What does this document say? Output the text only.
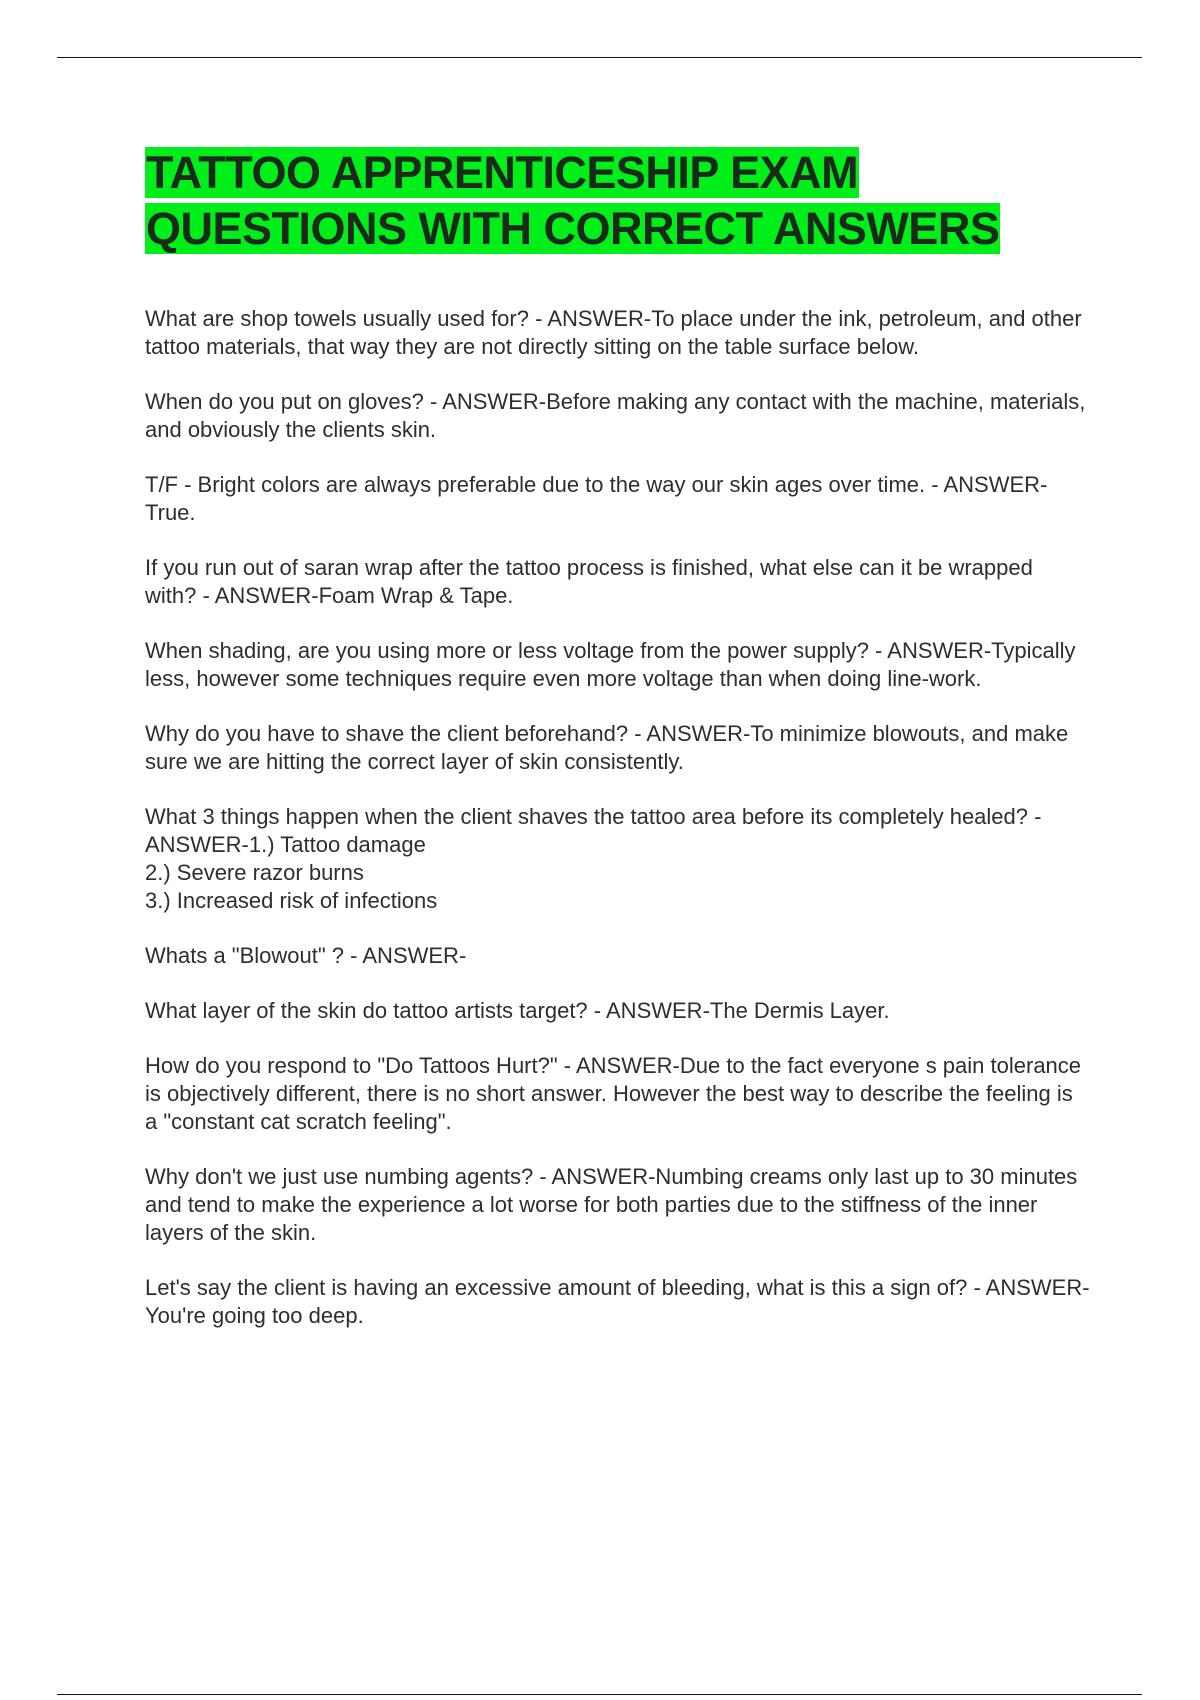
TATTOO APPRENTICESHIP EXAM
QUESTIONS WITH CORRECT ANSWERS

What are shop towels usually used for? - ANSWER-To place under the ink, petroleum, and other tattoo materials, that way they are not directly sitting on the table surface below.

When do you put on gloves? - ANSWER-Before making any contact with the machine, materials, and obviously the clients skin.

T/F - Bright colors are always preferable due to the way our skin ages over time. - ANSWER-True.

If you run out of saran wrap after the tattoo process is finished, what else can it be wrapped with? - ANSWER-Foam Wrap & Tape.

When shading, are you using more or less voltage from the power supply? - ANSWER-Typically less, however some techniques require even more voltage than when doing line-work.

Why do you have to shave the client beforehand? - ANSWER-To minimize blowouts, and make sure we are hitting the correct layer of skin consistently.

What 3 things happen when the client shaves the tattoo area before its completely healed? - ANSWER-1.) Tattoo damage
2.) Severe razor burns
3.) Increased risk of infections

Whats a "Blowout" ? - ANSWER-

What layer of the skin do tattoo artists target? - ANSWER-The Dermis Layer.

How do you respond to "Do Tattoos Hurt?" - ANSWER-Due to the fact everyone s pain tolerance is objectively different, there is no short answer. However the best way to describe the feeling is a "constant cat scratch feeling".

Why don't we just use numbing agents? - ANSWER-Numbing creams only last up to 30 minutes and tend to make the experience a lot worse for both parties due to the stiffness of the inner layers of the skin.

Let's say the client is having an excessive amount of bleeding, what is this a sign of? - ANSWER-You're going too deep.
